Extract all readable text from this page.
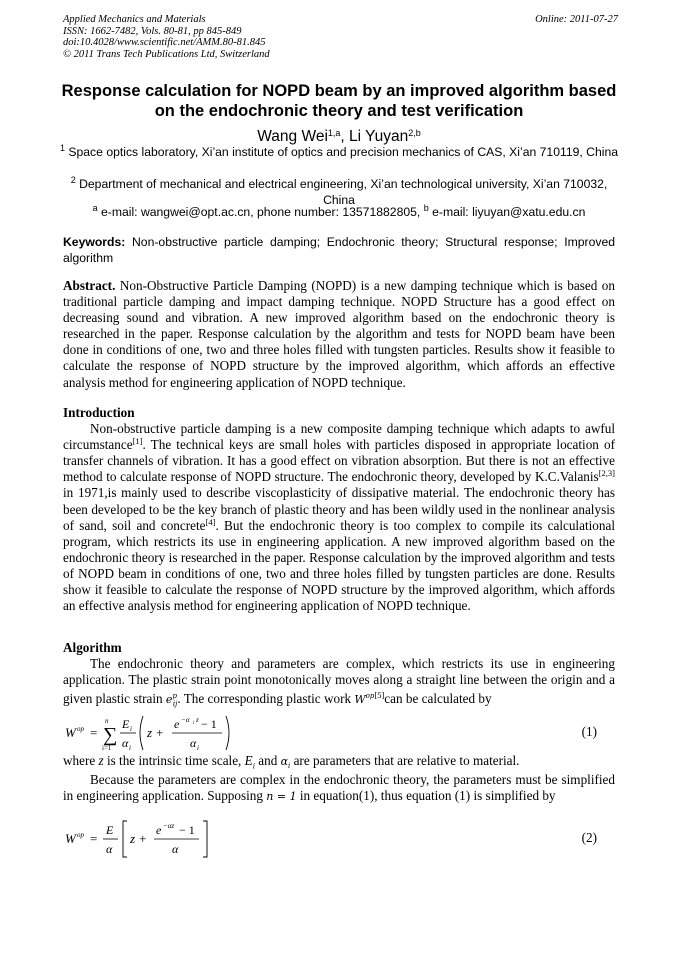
Applied Mechanics and Materials
ISSN: 1662-7482, Vols. 80-81, pp 845-849
doi:10.4028/www.scientific.net/AMM.80-81.845
© 2011 Trans Tech Publications Ltd, Switzerland
Online: 2011-07-27
Response calculation for NOPD beam by an improved algorithm based
on the endochronic theory and test verification
Wang Wei$^{1,a}$, Li Yuyan$^{2,b}$
$^1$ Space optics laboratory, Xi’an institute of optics and precision mechanics of CAS, Xi’an 710119, China
$^2$ Department of mechanical and electrical engineering, Xi’an technological university, Xi’an 710032, China
$^a$ e-mail: wangwei@opt.ac.cn, phone number: 13571882805, $^b$ e-mail: liyuyan@xatu.edu.cn
Keywords: Non-obstructive particle damping; Endochronic theory; Structural response; Improved algorithm
Abstract. Non-Obstructive Particle Damping (NOPD) is a new damping technique which is based on traditional particle damping and impact damping technique. NOPD Structure has a good effect on decreasing sound and vibration. A new improved algorithm based on the endochronic theory is researched in the paper. Response calculation by the algorithm and tests for NOPD beam have been done in conditions of one, two and three holes filled with tungsten particles. Results show it feasible to calculate the response of NOPD structure by the improved algorithm, which affords an effective analysis method for engineering application of NOPD technique.
Introduction
Non-obstructive particle damping is a new composite damping technique which adapts to awful circumstance[1]. The technical keys are small holes with particles disposed in appropriate location of transfer channels of vibration. It has a good effect on vibration absorption. But there is not an effective method to calculate response of NOPD structure. The endochronic theory, developed by K.C.Valanis[2,3] in 1971,is mainly used to describe viscoplasticity of dissipative material. The endochronic theory has been developed to be the key branch of plastic theory and has been wildly used in the nonlinear analysis of sand, soil and concrete[4]. But the endochronic theory is too complex to compile its calculational program, which restricts its use in engineering application. A new improved algorithm based on the endochronic theory is researched in the paper. Response calculation by the improved algorithm and tests of NOPD beam in conditions of one, two and three holes filled by tungsten particles are done. Results show it feasible to calculate the response of NOPD structure by the improved algorithm, which affords an effective analysis method for engineering application of NOPD technique.
Algorithm
The endochronic theory and parameters are complex, which restricts its use in engineering application. The plastic strain point monotonically moves along a straight line between the origin and a given plastic strain $e^p_{ij}$. The corresponding plastic work $W^{op[5]}can$ be calculated by
W op =
n
∑
i=1
E i
α i
z +
e −α i z − 1
α i
(1)
where z is the intrinsic time scale, $E_i$ and $\alpha_i$ are parameters that are relative to material.
Because the parameters are complex in the endochronic theory, the parameters must be simplified in engineering application. Supposing n = 1 in equation(1), thus equation (1) is simplified by
W op =
E
α
z +
e −αz − 1
α
(2)
